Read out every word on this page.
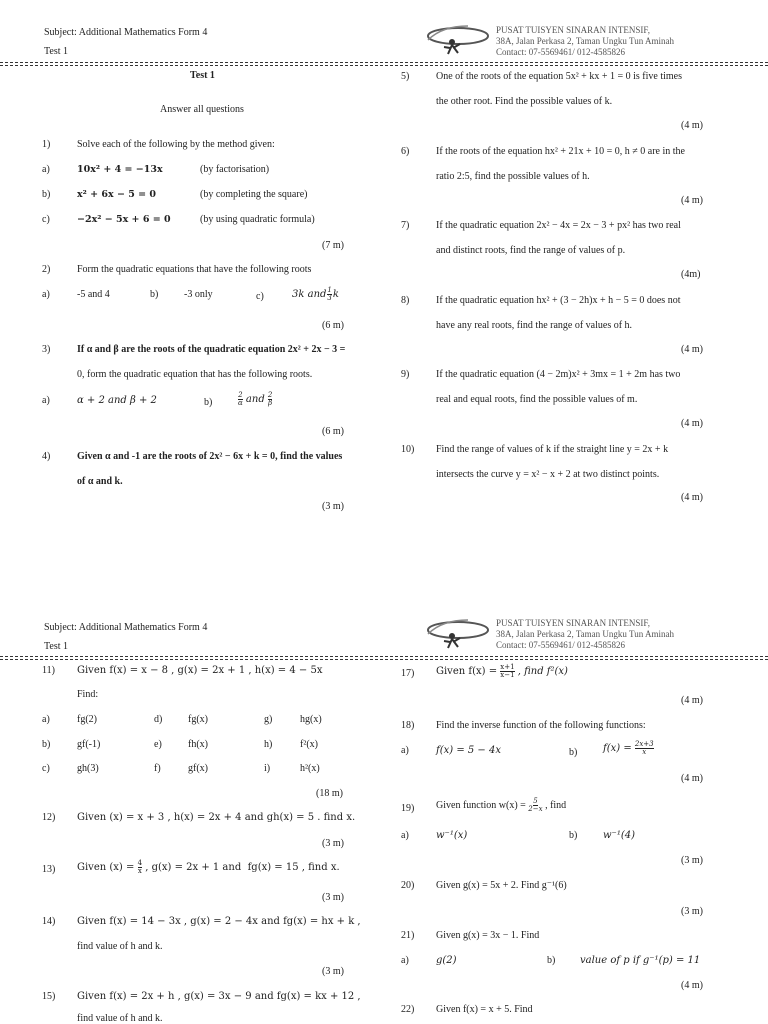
Subject: Additional Mathematics Form 4
Test 1
PUSAT TUISYEN SINARAN INTENSIF,
38A, Jalan Perkasa 2, Taman Ungku Tun Aminah
Contact: 07-5569461/ 012-4585826
Test 1
Answer all questions
1)	Solve each of the following by the method given:
a)	10x² + 4 = −13x	(by factorisation)
b)	x² + 6x − 5 = 0	(by completing the square)
c)	−2x² − 5x + 6 = 0	(by using quadratic formula)
(7 m)
2)	Form the quadratic equations that have the following roots
a)	-5 and 4	b)	-3 only	c)	3k and 1
3 k
(6 m)
3)	If α and β are the roots of the quadratic equation 2x² + 2x − 3 =
0, form the quadratic equation that has the following roots.
a)	α + 2 and β + 2	b)
2
α and 2
β
(6 m)
4)	Given α and -1 are the roots of 2x² − 6x + k = 0, find the values
of α and k.
(3 m)
5)	One of the roots of the equation 5x² + kx + 1 = 0 is five times
the other root. Find the possible values of k.
(4 m)
6)	If the roots of the equation hx² + 21x + 10 = 0, h ≠ 0 are in the
ratio 2:5, find the possible values of h.
(4 m)
7)	If the quadratic equation 2x² − 4x = 2x − 3 + px² has two real
and distinct roots, find the range of values of p.
(4m)
8)	If the quadratic equation hx² + (3 − 2h)x + h − 5 = 0 does not
have any real roots, find the range of values of h.
(4 m)
9)	If the quadratic equation (4 − 2m)x² + 3mx = 1 + 2m has two
real and equal roots, find the possible values of m.
(4 m)
10) Find the range of values of k if the straight line y = 2x + k
intersects the curve y = x² − x + 2 at two distinct points.
(4 m)
Subject: Additional Mathematics Form 4
Test 1
PUSAT TUISYEN SINARAN INTENSIF,
38A, Jalan Perkasa 2, Taman Ungku Tun Aminah
Contact: 07-5569461/ 012-4585826
11) Given f(x) = x − 8 , g(x) = 2x + 1 , h(x) = 4 − 5x
Find:
a)	fg(2)	d)	fg(x)	g)	hg(x)
b)	gf(-1)	e)	fh(x)	h)	f²(x)
c)	gh(3)	f)	gf(x)	i)	h²(x)
(18 m)
12) Given (x) = x + 3 , h(x) = 2x + 4 and gh(x) = 5 . find x.
(3 m)
13) Given $(x) = \frac{4}{x}$ , g(x) = 2x + 1 and  fg(x) = 15 , find x.
(3 m)
14) Given f(x) = 14 − 3x , g(x) = 2 − 4x and fg(x) = hx + k ,
find value of h and k.
(3 m)
15) Given f(x) = 2x + h , g(x) = 3x − 9 and fg(x) = kx + 12 ,
find value of h and k.
17) Given $f(x) = \frac{x+1}{x-1}$ , find f²(x)
(4 m)
18) Find the inverse function of the following functions:
a)	f(x) = 5 − 4x	b)	$f(x) = \frac{2x+3}{x}$
(4 m)
19) Given function $w(x) = \frac{5}{2-x}$ , find
a)	w⁻¹(x)	b)	w⁻¹(4)
(3 m)
20) Given g(x) = 5x + 2. Find g⁻¹(6)
(3 m)
21) Given g(x) = 3x − 1. Find
a)	g(2)	b) value of p if g⁻¹(p) = 11
(4 m)
22) Given f(x) = x + 5. Find
